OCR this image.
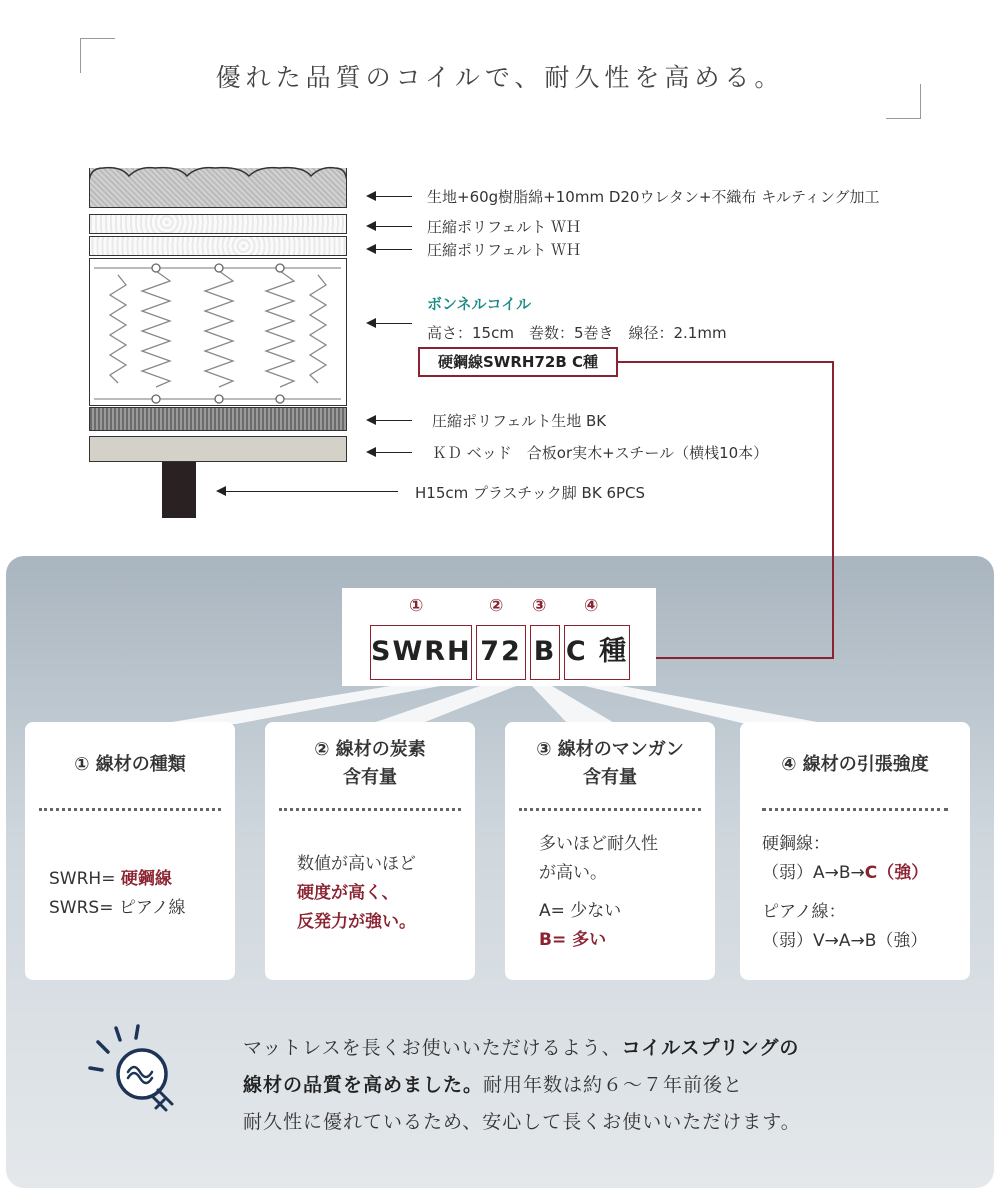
優れた品質のコイルで、耐久性を高める。
生地+60g樹脂綿+10mm D20ウレタン+不織布 キルティング加工
圧縮ポリフェルト ＷＨ
圧縮ポリフェルト ＷＨ
ボンネルコイル
高さ：15cm　巻数：5巻き　線径：2.1mm
硬鋼線SWRH72B C種
圧縮ポリフェルト生地 BK
ＫＤ ベッド　合板or実木+スチール（横桟10本）
H15cm プラスチック脚 BK 6PCS
①	② ③ ④
SWRH 72 B C 種
① 線材の種類
SWRH= 硬鋼線
SWRS= ピアノ線
② 線材の炭素
含有量
数値が高いほど
硬度が高く、
反発力が強い。
③ 線材のマンガン
含有量
多いほど耐久性
が高い。
A= 少ない
B= 多い
④ 線材の引張強度
硬鋼線：
（弱）A→B→C（強）
ピアノ線：
（弱）V→A→B（強）
マットレスを長くお使いいただけるよう、コイルスプリングの
線材の品質を高めました。耐用年数は約６～７年前後と
耐久性に優れているため、安心して長くお使いいただけます。
